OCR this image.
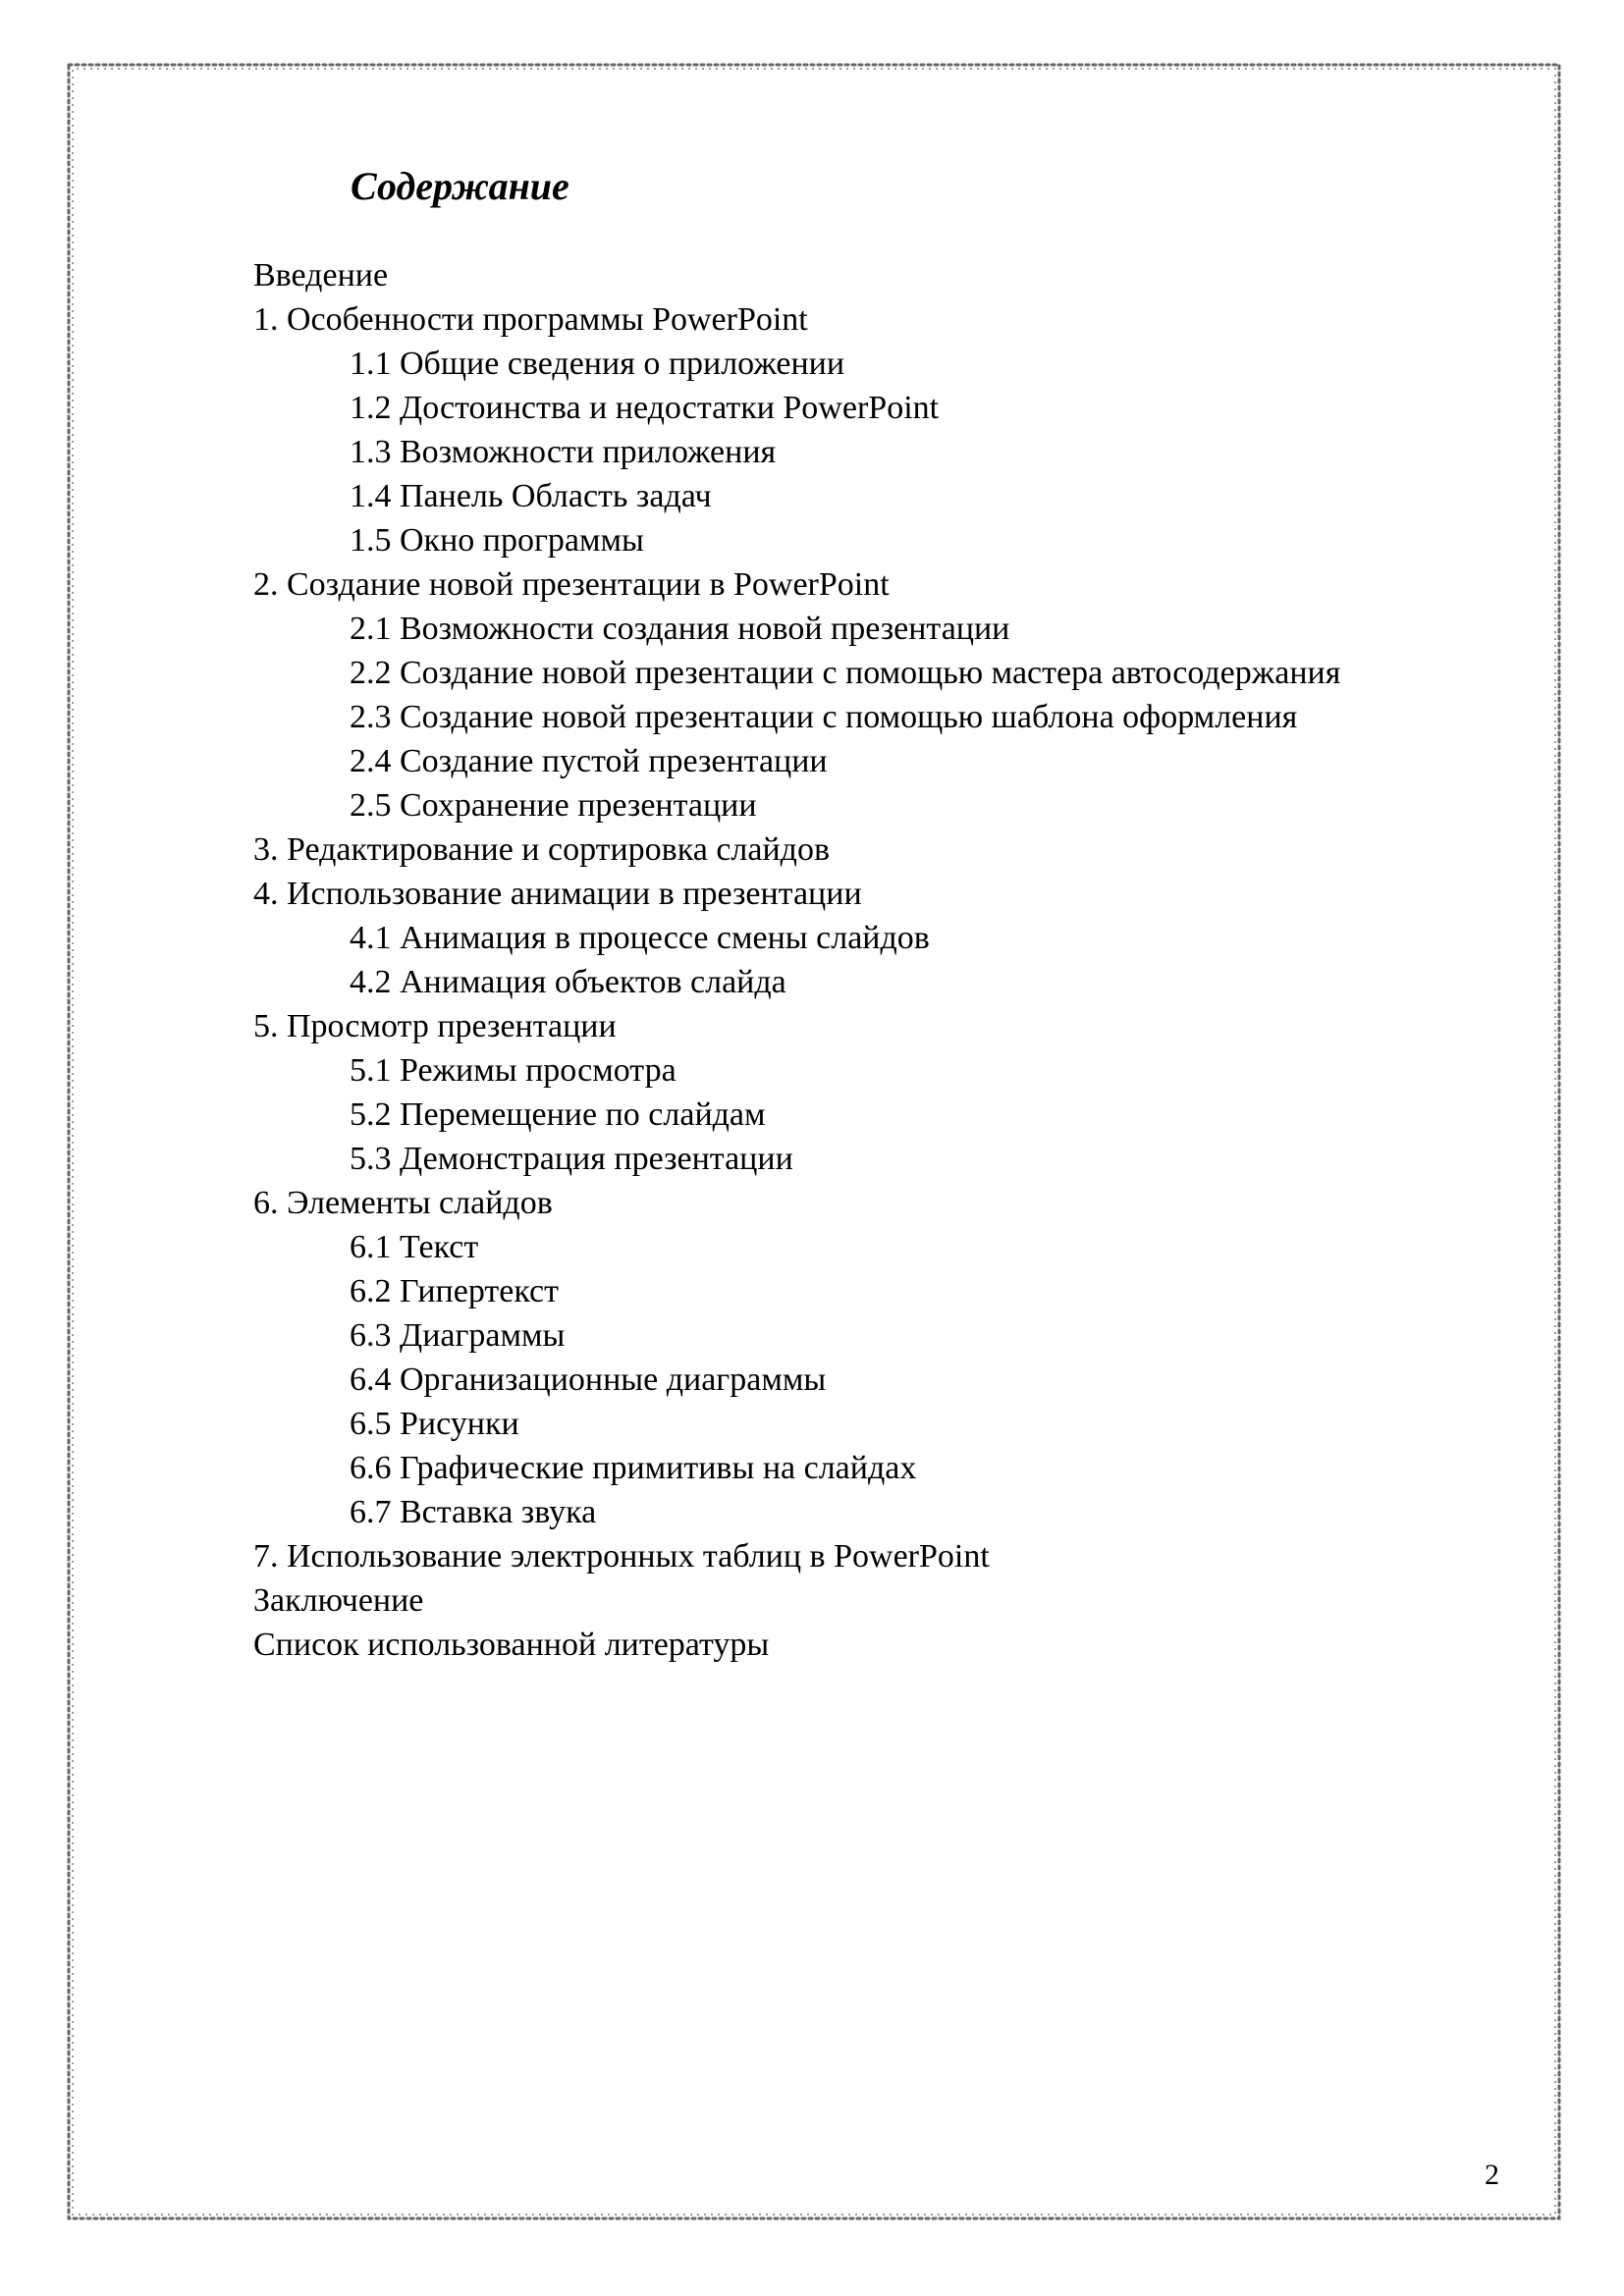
Содержание
Введение
1. Особенности программы PowerPoint
1.1 Общие сведения о приложении
1.2 Достоинства и недостатки PowerPoint
1.3 Возможности приложения
1.4 Панель Область задач
1.5 Окно программы
2. Создание новой презентации в PowerPoint
2.1 Возможности создания новой презентации
2.2 Создание новой презентации с помощью мастера автосодержания
2.3 Создание новой презентации с помощью шаблона оформления
2.4 Создание пустой презентации
2.5 Сохранение презентации
3. Редактирование и сортировка слайдов
4. Использование анимации в презентации
4.1 Анимация в процессе смены слайдов
4.2 Анимация объектов слайда
5. Просмотр презентации
5.1 Режимы просмотра
5.2 Перемещение по слайдам
5.3 Демонстрация презентации
6. Элементы слайдов
6.1 Текст
6.2 Гипертекст
6.3 Диаграммы
6.4 Организационные диаграммы
6.5 Рисунки
6.6 Графические примитивы на слайдах
6.7 Вставка звука
7. Использование электронных таблиц в PowerPoint
Заключение
Список использованной литературы
2
